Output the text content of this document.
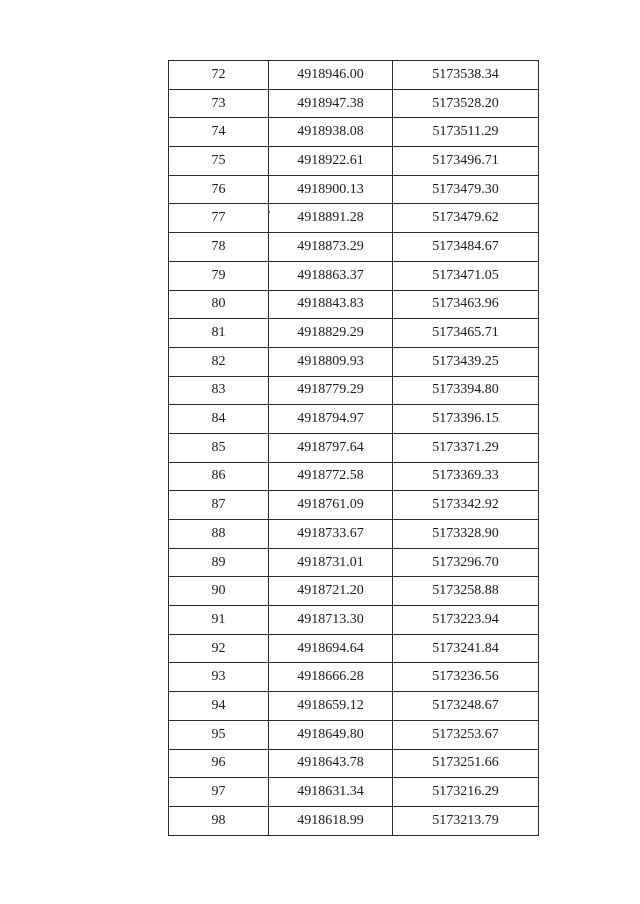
72	4918946.00	5173538.34
73	4918947.38	5173528.20
74	4918938.08	5173511.29
75	4918922.61	5173496.71
76	4918900.13	5173479.30
77	4918891.28	5173479.62
78	4918873.29	5173484.67
79	4918863.37	5173471.05
80	4918843.83	5173463.96
81	4918829.29	5173465.71
82	4918809.93	5173439.25
83	4918779.29	5173394.80
84	4918794.97	5173396.15
85	4918797.64	5173371.29
86	4918772.58	5173369.33
87	4918761.09	5173342.92
88	4918733.67	5173328.90
89	4918731.01	5173296.70
90	4918721.20	5173258.88
91	4918713.30	5173223.94
92	4918694.64	5173241.84
93	4918666.28	5173236.56
94	4918659.12	5173248.67
95	4918649.80	5173253.67
96	4918643.78	5173251.66
97	4918631.34	5173216.29
98	4918618.99	5173213.79
